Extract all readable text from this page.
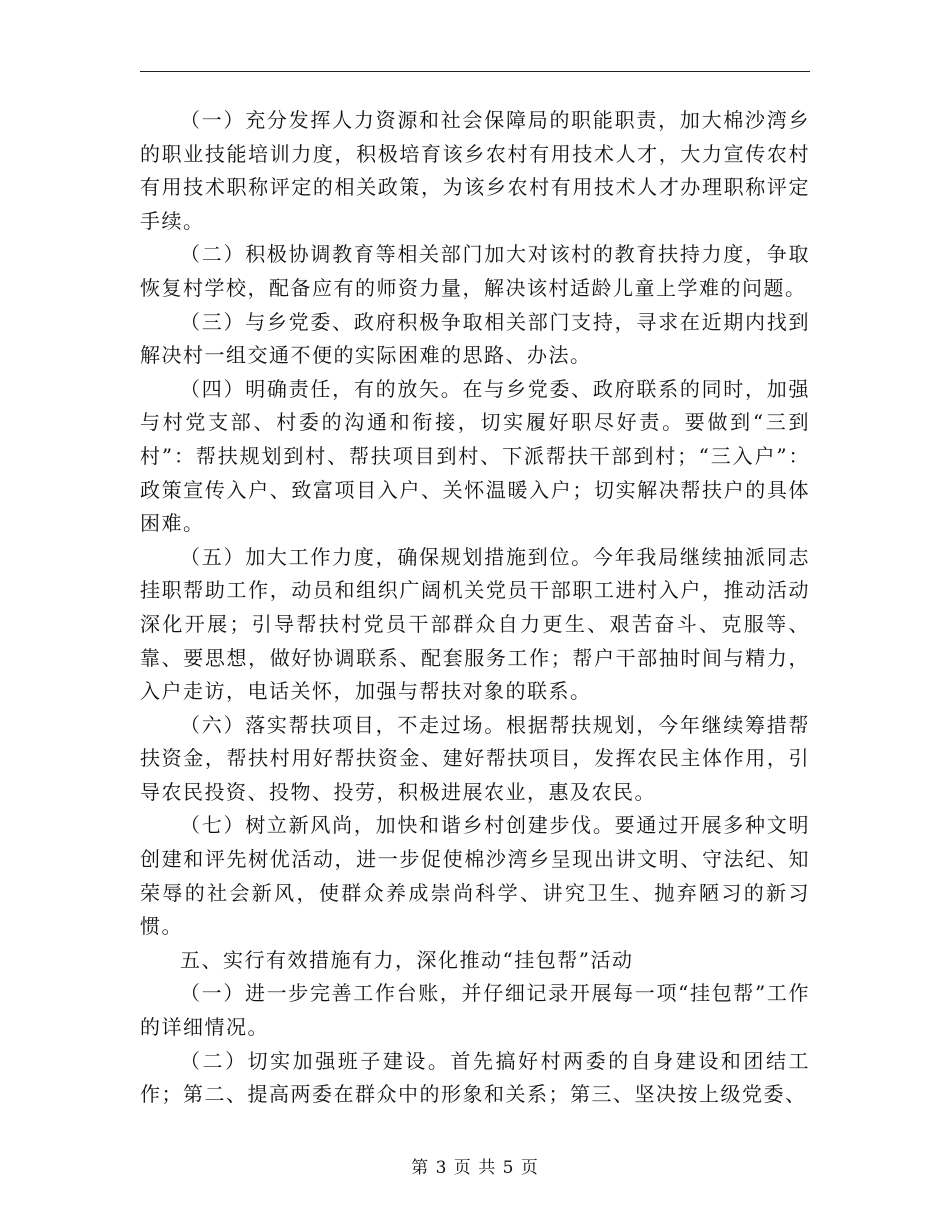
（一）充分发挥人力资源和社会保障局的职能职责，加大棉沙湾乡的职业技能培训力度，积极培育该乡农村有用技术人才，大力宣传农村有用技术职称评定的相关政策，为该乡农村有用技术人才办理职称评定手续。

（二）积极协调教育等相关部门加大对该村的教育扶持力度，争取恢复村学校，配备应有的师资力量，解决该村适龄儿童上学难的问题。

（三）与乡党委、政府积极争取相关部门支持，寻求在近期内找到解决村一组交通不便的实际困难的思路、办法。

（四）明确责任，有的放矢。在与乡党委、政府联系的同时，加强与村党支部、村委的沟通和衔接，切实履好职尽好责。要做到“三到村”：帮扶规划到村、帮扶项目到村、下派帮扶干部到村；“三入户”：政策宣传入户、致富项目入户、关怀温暖入户；切实解决帮扶户的具体困难。

（五）加大工作力度，确保规划措施到位。今年我局继续抽派同志挂职帮助工作，动员和组织广阔机关党员干部职工进村入户，推动活动深化开展；引导帮扶村党员干部群众自力更生、艰苦奋斗、克服等、靠、要思想，做好协调联系、配套服务工作；帮户干部抽时间与精力，入户走访，电话关怀，加强与帮扶对象的联系。

（六）落实帮扶项目，不走过场。根据帮扶规划，今年继续筹措帮扶资金，帮扶村用好帮扶资金、建好帮扶项目，发挥农民主体作用，引导农民投资、投物、投劳，积极进展农业，惠及农民。

（七）树立新风尚，加快和谐乡村创建步伐。要通过开展多种文明创建和评先树优活动，进一步促使棉沙湾乡呈现出讲文明、守法纪、知荣辱的社会新风，使群众养成崇尚科学、讲究卫生、抛弃陋习的新习惯。

五、实行有效措施有力，深化推动“挂包帮”活动

（一）进一步完善工作台账，并仔细记录开展每一项“挂包帮”工作的详细情况。

（二）切实加强班子建设。首先搞好村两委的自身建设和团结工作；第二、提高两委在群众中的形象和关系；第三、坚决按上级党委、

第 3 页 共 5 页
